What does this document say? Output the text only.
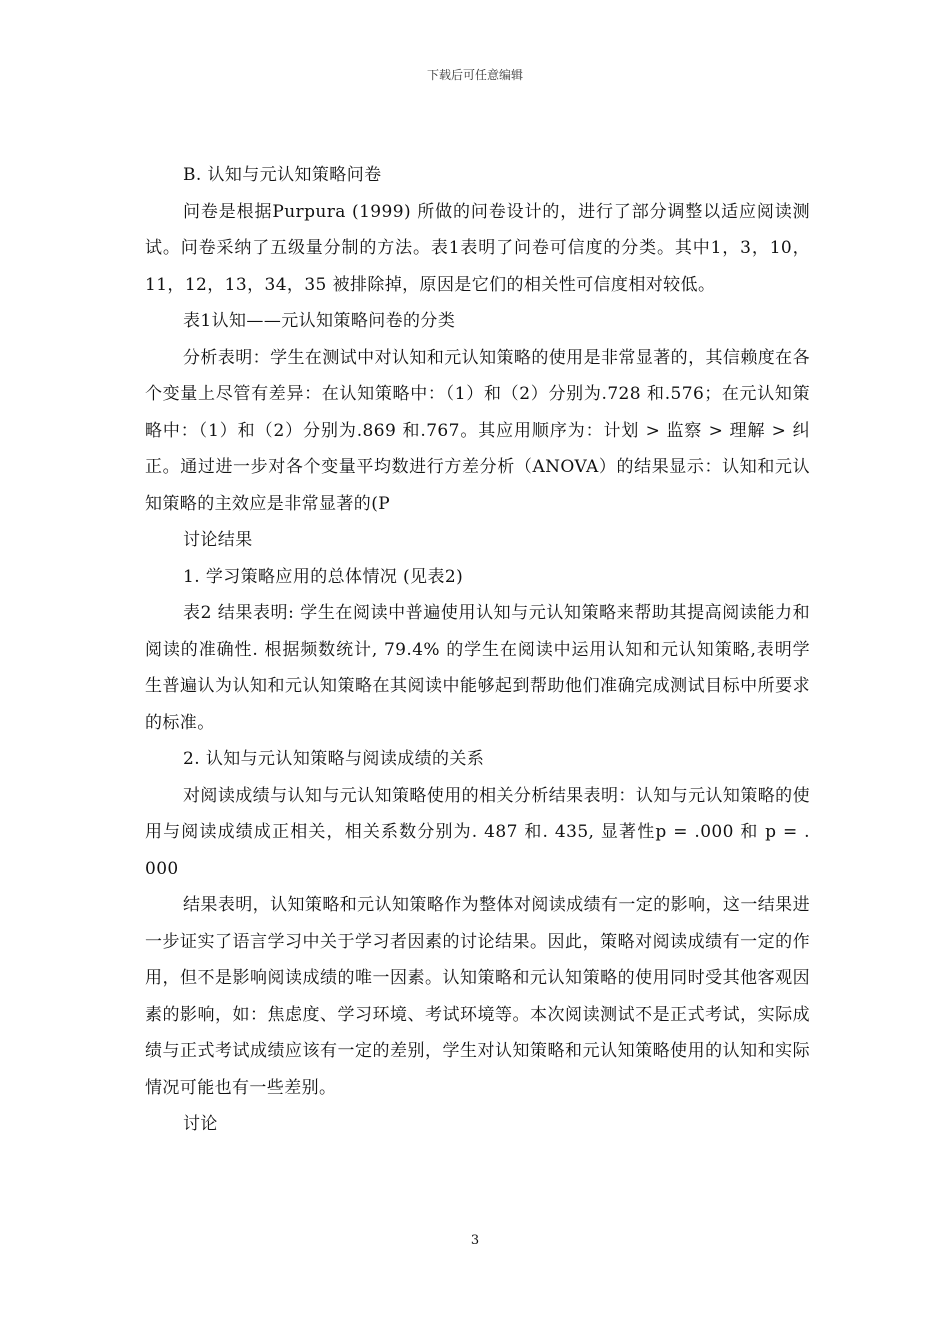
下载后可任意编辑

B. 认知与元认知策略问卷

问卷是根据Purpura (1999) 所做的问卷设计的，进行了部分调整以适应阅读测试。问卷采纳了五级量分制的方法。表1表明了问卷可信度的分类。其中1，3，10，11，12，13，34，35 被排除掉，原因是它们的相关性可信度相对较低。

表1认知——元认知策略问卷的分类

分析表明：学生在测试中对认知和元认知策略的使用是非常显著的，其信赖度在各个变量上尽管有差异：在认知策略中：（1）和（2）分别为.728 和.576；在元认知策略中：（1）和（2）分别为.869 和.767。其应用顺序为：计划 > 监察 > 理解 > 纠正。通过进一步对各个变量平均数进行方差分析（ANOVA）的结果显示：认知和元认知策略的主效应是非常显著的(P

讨论结果

1. 学习策略应用的总体情况 (见表2)

表2 结果表明: 学生在阅读中普遍使用认知与元认知策略来帮助其提高阅读能力和阅读的准确性. 根据频数统计, 79.4% 的学生在阅读中运用认知和元认知策略,表明学生普遍认为认知和元认知策略在其阅读中能够起到帮助他们准确完成测试目标中所要求的标准。

2. 认知与元认知策略与阅读成绩的关系

对阅读成绩与认知与元认知策略使用的相关分析结果表明：认知与元认知策略的使用与阅读成绩成正相关，相关系数分别为. 487 和. 435, 显著性p = .000 和 p = . 000

结果表明，认知策略和元认知策略作为整体对阅读成绩有一定的影响，这一结果进一步证实了语言学习中关于学习者因素的讨论结果。因此，策略对阅读成绩有一定的作用，但不是影响阅读成绩的唯一因素。认知策略和元认知策略的使用同时受其他客观因素的影响，如：焦虑度、学习环境、考试环境等。本次阅读测试不是正式考试，实际成绩与正式考试成绩应该有一定的差别，学生对认知策略和元认知策略使用的认知和实际情况可能也有一些差别。

讨论

3
